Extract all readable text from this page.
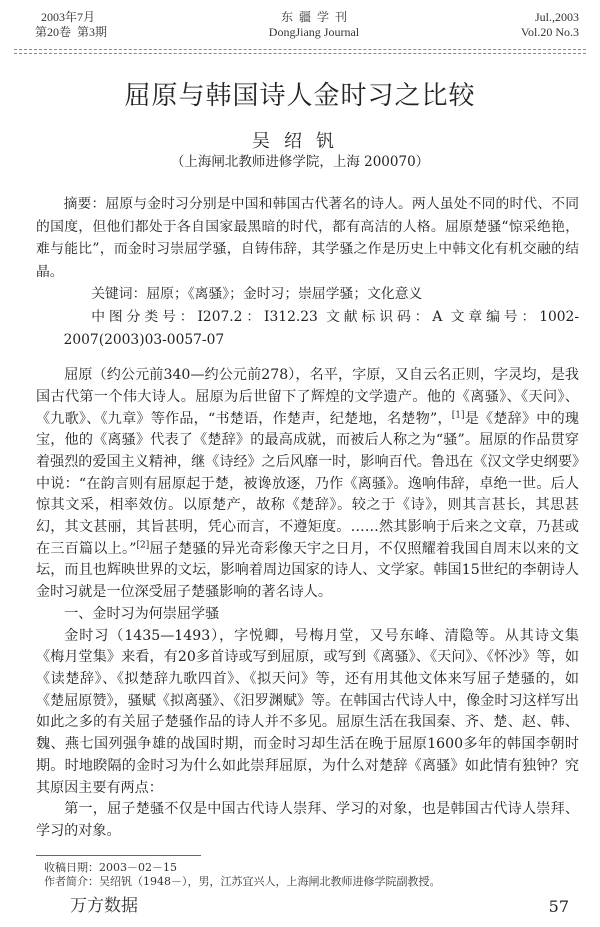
2003年7月
第20卷  第3期
东  疆  学  刊
DongJiang Journal
Jul.,2003
Vol.20 No.3
屈原与韩国诗人金时习之比较
吴绍钒
（上海闸北教师进修学院，上海 200070）

摘要：屈原与金时习分别是中国和韩国古代著名的诗人。两人虽处不同的时代、不同的国度，但他们都处于各自国家最黑暗的时代，都有高洁的人格。屈原楚骚“惊采绝艳，难与能比”，而金时习崇屈学骚，自铸伟辞，其学骚之作是历史上中韩文化有机交融的结晶。

关键词：屈原；《离骚》；金时习；崇屈学骚；文化意义

中图分类号：I207.2：I312.23 文献标识码：A 文章编号：1002-2007(2003)03-0057-07

屈原（约公元前340—约公元前278），名平，字原，又自云名正则，字灵均，是我国古代第一个伟大诗人。屈原为后世留下了辉煌的文学遗产。他的《离骚》、《天问》、《九歌》、《九章》等作品，“书楚语，作楚声，纪楚地，名楚物”，[1]是《楚辞》中的瑰宝，他的《离骚》代表了《楚辞》的最高成就，而被后人称之为“骚”。屈原的作品贯穿着强烈的爱国主义精神，继《诗经》之后风靡一时，影响百代。鲁迅在《汉文学史纲要》中说：“在韵言则有屈原起于楚，被谗放逐，乃作《离骚》。逸响伟辞，卓绝一世。后人惊其文采，相率效仿。以原楚产，故称《楚辞》。较之于《诗》，则其言甚长，其思甚幻，其文甚丽，其旨甚明，凭心而言，不遵矩度。……然其影响于后来之文章，乃甚或在三百篇以上。”[2]屈子楚骚的异光奇彩像天宇之日月，不仅照耀着我国自周末以来的文坛，而且也辉映世界的文坛，影响着周边国家的诗人、文学家。韩国15世纪的李朝诗人金时习就是一位深受屈子楚骚影响的著名诗人。

一、金时习为何崇屈学骚

金时习（1435—1493），字悦卿，号梅月堂，又号东峰、清隐等。从其诗文集《梅月堂集》来看，有20多首诗或写到屈原，或写到《离骚》、《天问》、《怀沙》等，如《读楚辞》、《拟楚辞九歌四首》、《拟天问》等，还有用其他文体来写屈子楚骚的，如《楚屈原赞》，骚赋《拟离骚》、《汨罗渊赋》等。在韩国古代诗人中，像金时习这样写出如此之多的有关屈子楚骚作品的诗人并不多见。屈原生活在我国秦、齐、楚、赵、韩、魏、燕七国列强争雄的战国时期，而金时习却生活在晚于屈原1600多年的韩国李朝时期。时地睽隔的金时习为什么如此崇拜屈原，为什么对楚辞《离骚》如此情有独钟？究其原因主要有两点：

第一，屈子楚骚不仅是中国古代诗人崇拜、学习的对象，也是韩国古代诗人崇拜、学习的对象。

收稿日期：2003－02－15
作者简介：吴绍钒（1948－），男，江苏宜兴人，上海闸北教师进修学院副教授。
万方数据	57
